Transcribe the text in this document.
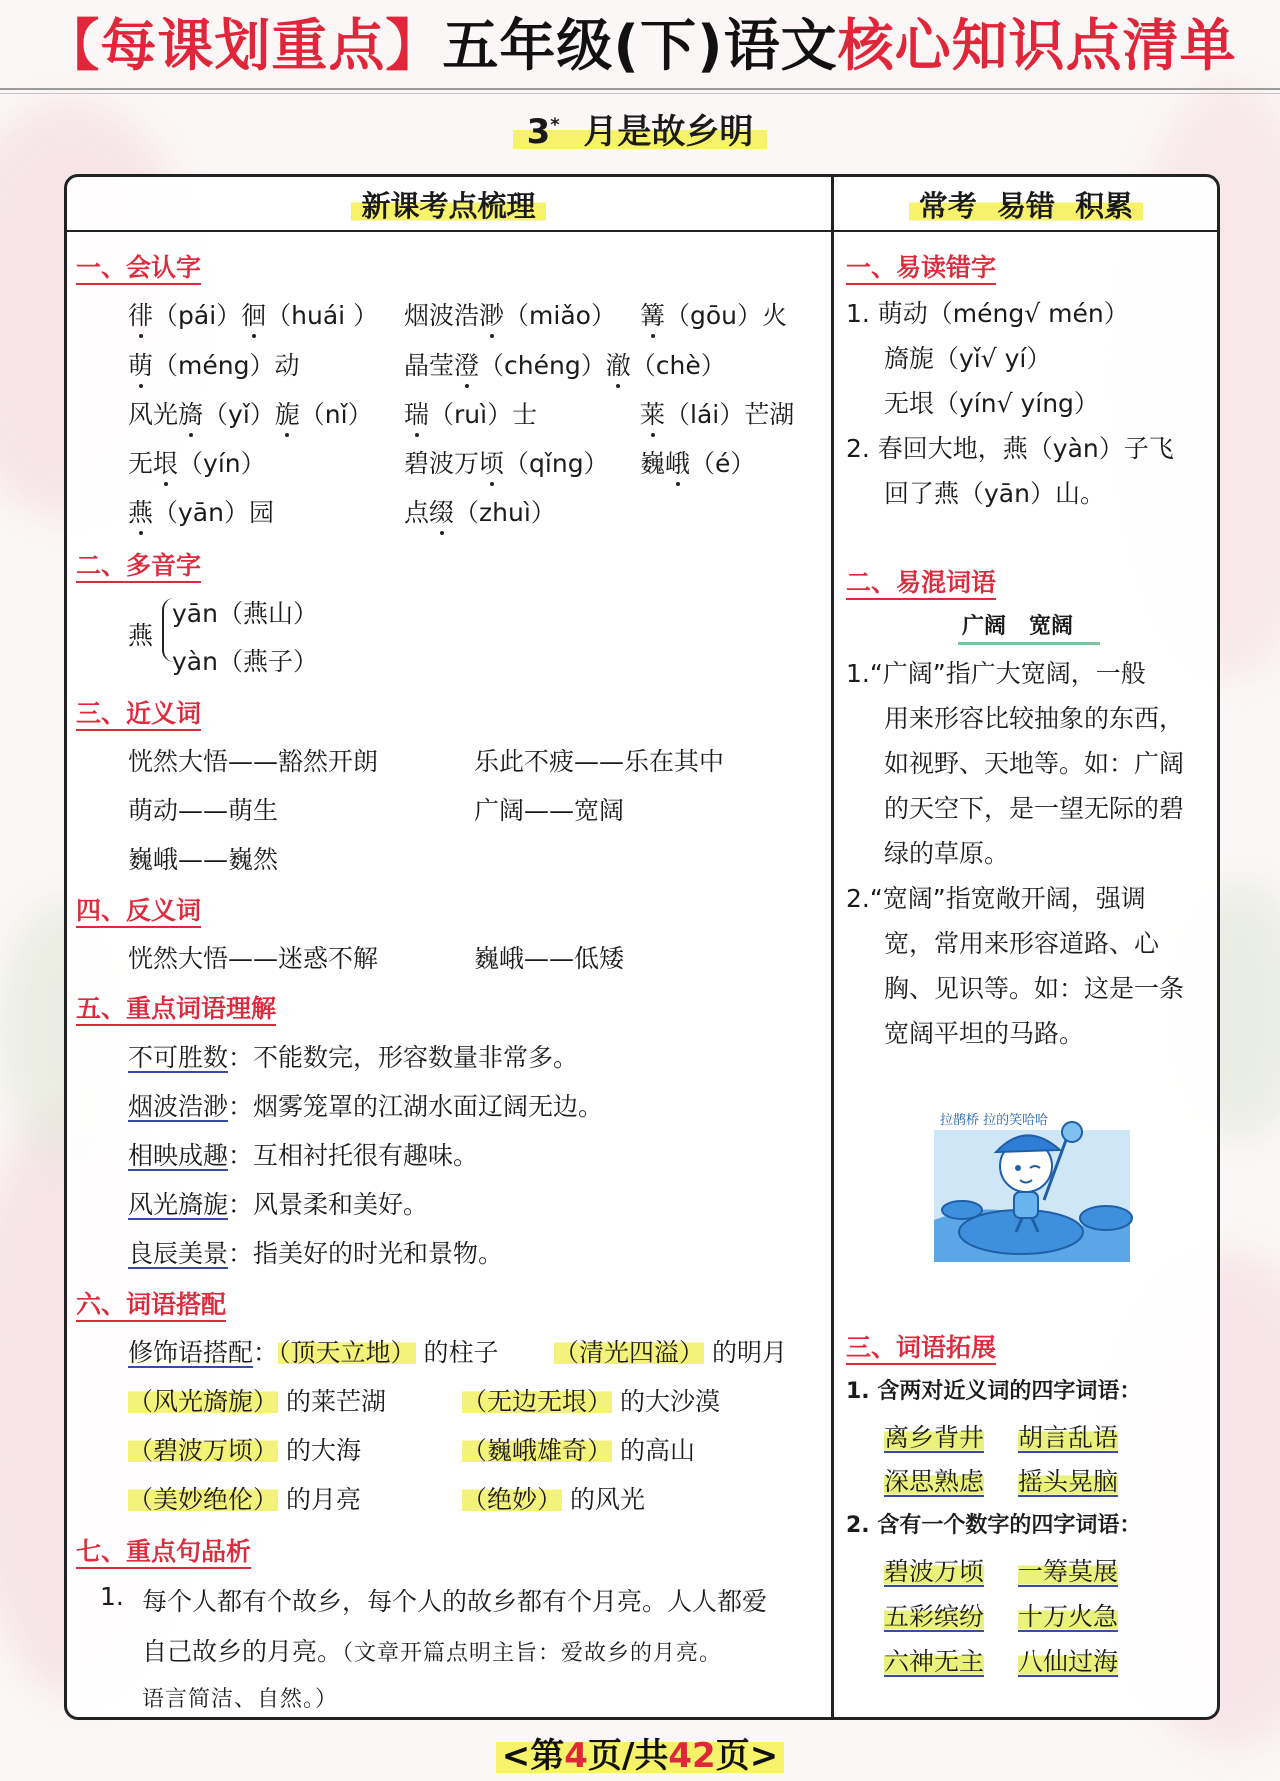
【每课划重点】五年级(下)语文核心知识点清单
3* 月是故乡明
新课考点梳理	常考  易错  积累
一、会认字
徘（pái）徊（huái ） 烟波浩渺（miǎo） 篝（gōu）火
萌（méng）动	晶莹澄（chéng）澈（chè）
风光旖（yǐ）旎（nǐ） 瑞（ruì）士	莱（lái）芒湖
无垠（yín）	碧波万顷（qǐng） 巍峨（é）
燕（yān）园	点缀（zhuì）
二、多音字
燕
yān（燕山）
yàn（燕子）
三、近义词
恍然大悟——豁然开朗	乐此不疲——乐在其中
萌动——萌生	广阔——宽阔
巍峨——巍然
四、反义词
恍然大悟——迷惑不解	巍峨——低矮
五、重点词语理解
不可胜数：不能数完，形容数量非常多。
烟波浩渺：烟雾笼罩的江湖水面辽阔无边。
相映成趣：互相衬托很有趣味。
风光旖旎：风景柔和美好。
良辰美景：指美好的时光和景物。
六、词语搭配
修饰语搭配：（顶天立地） 的柱子 （清光四溢） 的明月
（风光旖旎） 的莱芒湖	（无边无垠） 的大沙漠
（碧波万顷） 的大海	（巍峨雄奇） 的高山
（美妙绝伦） 的月亮	（绝妙） 的风光
七、重点句品析
1. 每个人都有个故乡，每个人的故乡都有个月亮。人人都爱
自己故乡的月亮。（文章开篇点明主旨：爱故乡的月亮。
语言简洁、自然。）
一、易读错字
1. 萌动（méng√ mén）
旖旎（yǐ√ yí）
无垠（yín√ yíng）
2. 春回大地，燕（yàn）子飞
回了燕（yān）山。
二、易混词语
广阔   宽阔
1.“广阔”指广大宽阔，一般
用来形容比较抽象的东西，
如视野、天地等。如：广阔
的天空下，是一望无际的碧
绿的草原。
2.“宽阔”指宽敞开阔，强调
宽，常用来形容道路、心
胸、见识等。如：这是一条
宽阔平坦的马路。
拉鹊桥 拉的笑哈哈
三、词语拓展
1. 含两对近义词的四字词语：
离乡背井 胡言乱语
深思熟虑 摇头晃脑
2. 含有一个数字的四字词语：
碧波万顷 一筹莫展
五彩缤纷 十万火急
六神无主 八仙过海
<第4页/共42页>
